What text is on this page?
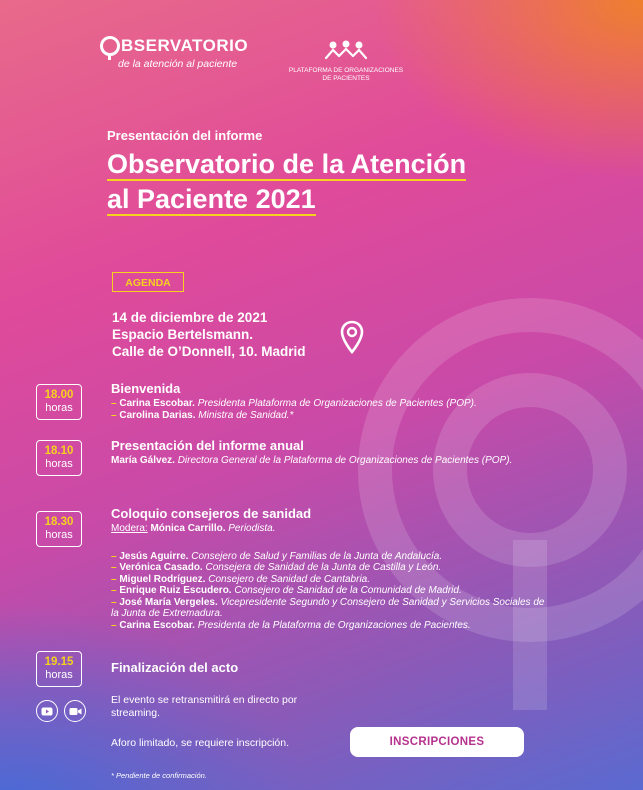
BSERVATORIO
de la atención al paciente
PLATAFORMA DE ORGANIZACIONES
DE PACIENTES
Presentación del informe
Observatorio de la Atención
al Paciente 2021
AGENDA
14 de diciembre de 2021
Espacio Bertelsmann.
Calle de O’Donnell, 10. Madrid
18.00
horas
Bienvenida
– Carina Escobar. Presidenta Plataforma de Organizaciones de Pacientes (POP).
– Carolina Darias. Ministra de Sanidad.*
18.10
horas
Presentación del informe anual
María Gálvez. Directora General de la Plataforma de Organizaciones de Pacientes (POP).
18.30
horas
Coloquio consejeros de sanidad
Modera: Mónica Carrillo. Periodista.
– Jesús Aguirre. Consejero de Salud y Familias de la Junta de Andalucía.
– Verónica Casado. Consejera de Sanidad de la Junta de Castilla y León.
– Miguel Rodríguez. Consejero de Sanidad de Cantabria.
– Enrique Ruiz Escudero. Consejero de Sanidad de la Comunidad de Madrid.
– José María Vergeles. Vicepresidente Segundo y Consejero de Sanidad y Servicios Sociales de la Junta de Extremadura.
– Carina Escobar. Presidenta de la Plataforma de Organizaciones de Pacientes.
19.15
horas	Finalización del acto
El evento se retransmitirá en directo por streaming.
Aforo limitado, se requiere inscripción.	INSCRIPCIONES
* Pendiente de confirmación.
